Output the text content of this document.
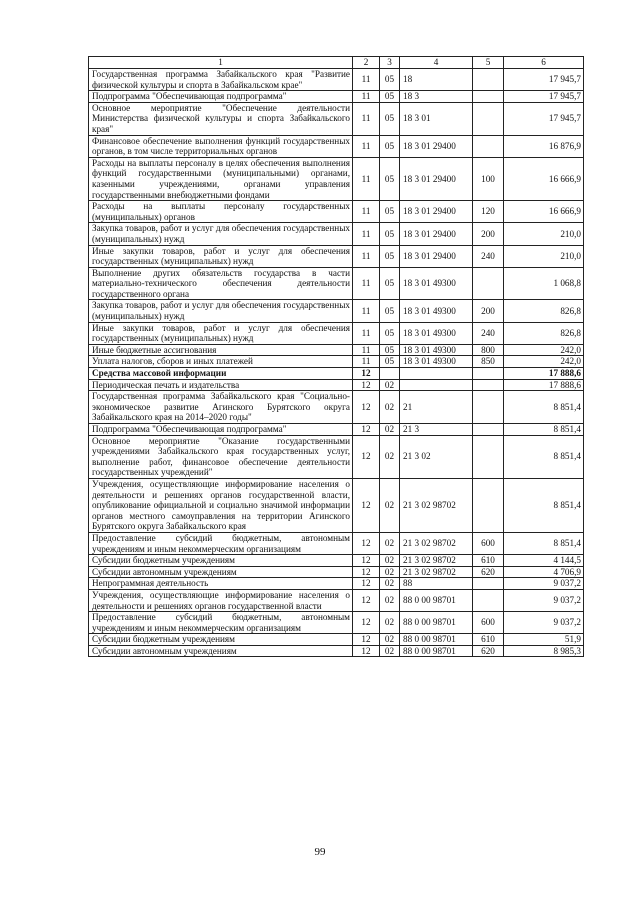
1	2	3	4	5	6
Государственная программа Забайкальского края "Развитие физической культуры и спорта в Забайкальском крае"	11	05	18		17 945,7
Подпрограмма "Обеспечивающая подпрограмма"	11	05	18 3		17 945,7
Основное мероприятие "Обеспечение деятельности Министерства физической культуры и спорта Забайкальского края"	11	05	18 3 01		17 945,7
Финансовое обеспечение выполнения функций государственных органов, в том числе территориальных органов	11	05	18 3 01 29400		16 876,9
Расходы на выплаты персоналу в целях обеспечения выполнения функций государственными (муниципальными) органами, казенными учреждениями, органами управления государственными внебюджетными фондами	11	05	18 3 01 29400	100	16 666,9
Расходы на выплаты персоналу государственных (муниципальных) органов	11	05	18 3 01 29400	120	16 666,9
Закупка товаров, работ и услуг для обеспечения государственных (муниципальных) нужд	11	05	18 3 01 29400	200	210,0
Иные закупки товаров, работ и услуг для обеспечения государственных (муниципальных) нужд	11	05	18 3 01 29400	240	210,0
Выполнение других обязательств государства в части материально-технического обеспечения деятельности государственного органа	11	05	18 3 01 49300		1 068,8
Закупка товаров, работ и услуг для обеспечения государственных (муниципальных) нужд	11	05	18 3 01 49300	200	826,8
Иные закупки товаров, работ и услуг для обеспечения государственных (муниципальных) нужд	11	05	18 3 01 49300	240	826,8
Иные бюджетные ассигнования	11	05	18 3 01 49300	800	242,0
Уплата налогов, сборов и иных платежей	11	05	18 3 01 49300	850	242,0
Средства массовой информации	12				17 888,6
Периодическая печать и издательства	12	02			17 888,6
Государственная программа Забайкальского края "Социально-экономическое развитие Агинского Бурятского округа Забайкальского края на 2014–2020 годы"	12	02	21		8 851,4
Подпрограмма "Обеспечивающая подпрограмма"	12	02	21 3		8 851,4
Основное мероприятие "Оказание государственными учреждениями Забайкальского края государственных услуг, выполнение работ, финансовое обеспечение деятельности государственных учреждений"	12	02	21 3 02		8 851,4
Учреждения, осуществляющие информирование населения о деятельности и решениях органов государственной власти, опубликование официальной и социально значимой информации органов местного самоуправления на территории Агинского Бурятского округа Забайкальского края	12	02	21 3 02 98702		8 851,4
Предоставление субсидий бюджетным, автономным учреждениям и иным некоммерческим организациям	12	02	21 3 02 98702	600	8 851,4
Субсидии бюджетным учреждениям	12	02	21 3 02 98702	610	4 144,5
Субсидии автономным учреждениям	12	02	21 3 02 98702	620	4 706,9
Непрограммная деятельность	12	02	88		9 037,2
Учреждения, осуществляющие информирование населения о деятельности и решениях органов государственной власти	12	02	88 0 00 98701		9 037,2
Предоставление субсидий бюджетным, автономным учреждениям и иным некоммерческим организациям	12	02	88 0 00 98701	600	9 037,2
Субсидии бюджетным учреждениям	12	02	88 0 00 98701	610	51,9
Субсидии автономным учреждениям	12	02	88 0 00 98701	620	8 985,3
99
